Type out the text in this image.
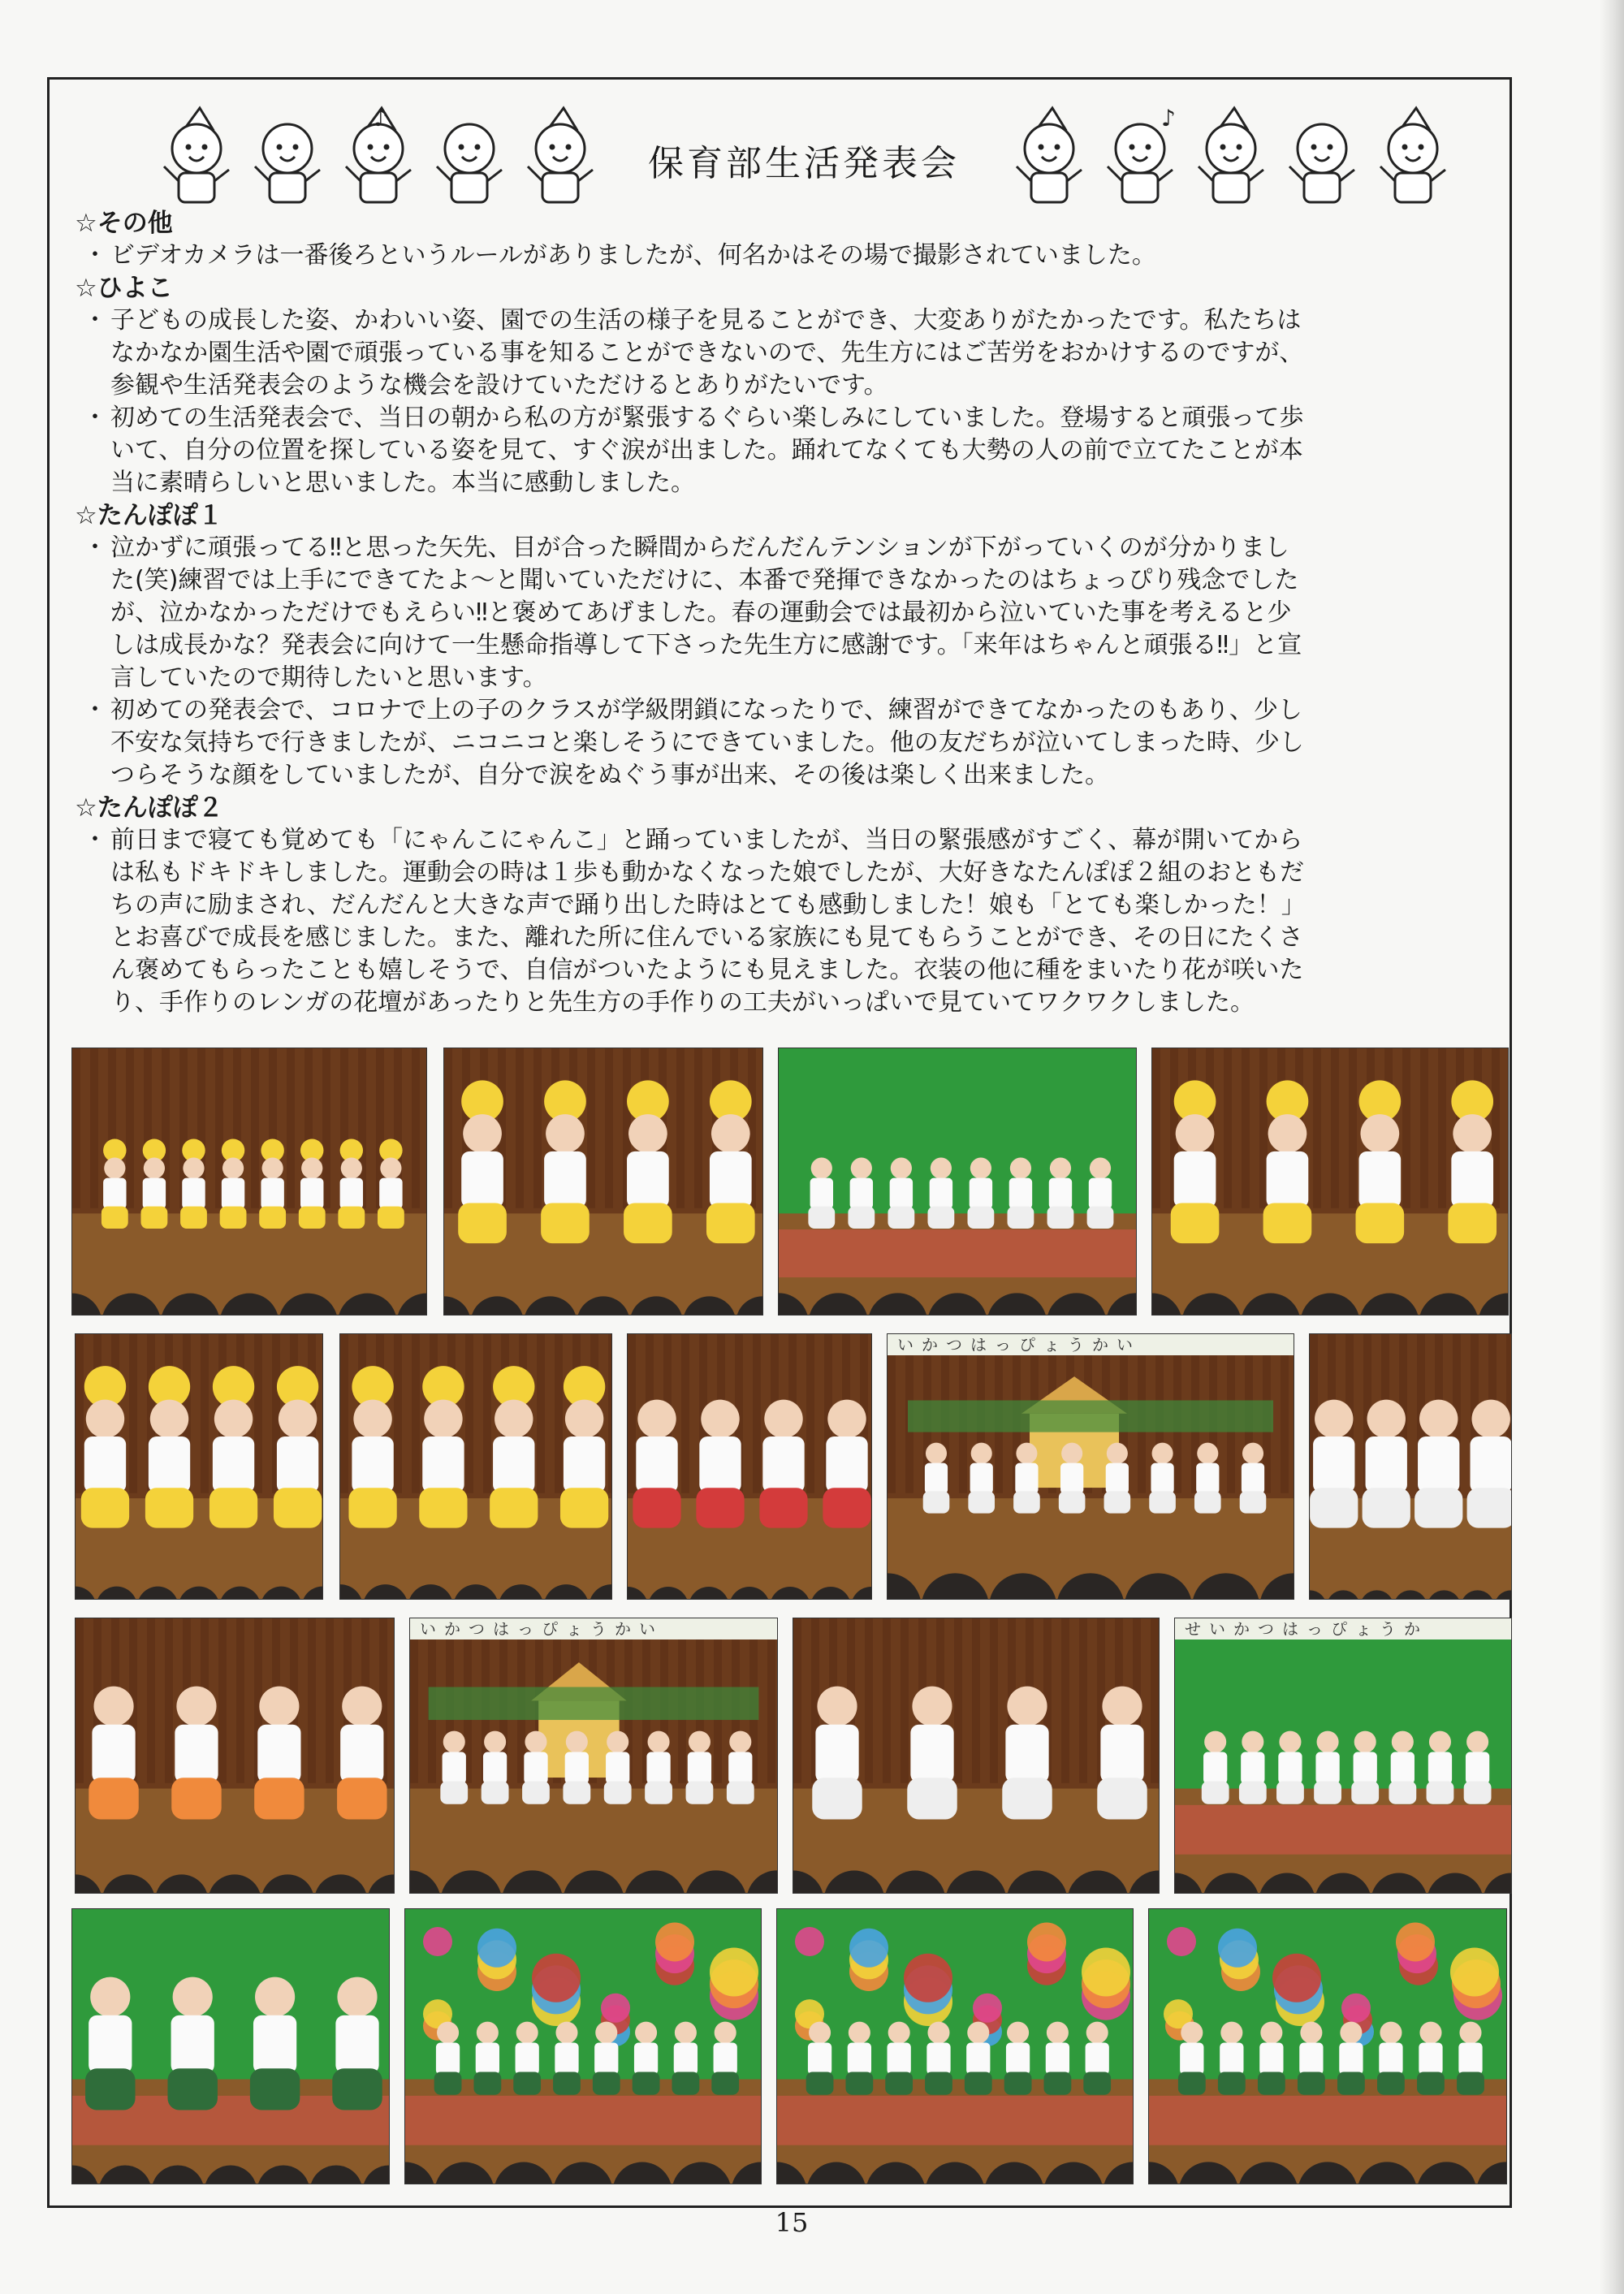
♪
保育部生活発表会
♪

☆その他

・ ビデオカメラは一番後ろというルールがありましたが、何名かはその場で撮影されていました。

☆ひよこ

・ 子どもの成長した姿、かわいい姿、園での生活の様子を見ることができ、大変ありがたかったです。私たちは
なかなか園生活や園で頑張っている事を知ることができないので、先生方にはご苦労をおかけするのですが、
参観や生活発表会のような機会を設けていただけるとありがたいです。
・ 初めての生活発表会で、当日の朝から私の方が緊張するぐらい楽しみにしていました。登場すると頑張って歩
いて、自分の位置を探している姿を見て、すぐ涙が出ました。踊れてなくても大勢の人の前で立てたことが本
当に素晴らしいと思いました。本当に感動しました。

☆たんぽぽ１

・ 泣かずに頑張ってる‼と思った矢先、目が合った瞬間からだんだんテンションが下がっていくのが分かりまし
た(笑)練習では上手にできてたよ〜と聞いていただけに、本番で発揮できなかったのはちょっぴり残念でした
が、泣かなかっただけでもえらい‼と褒めてあげました。春の運動会では最初から泣いていた事を考えると少
しは成長かな？発表会に向けて一生懸命指導して下さった先生方に感謝です。「来年はちゃんと頑張る‼」と宣
言していたので期待したいと思います。
・ 初めての発表会で、コロナで上の子のクラスが学級閉鎖になったりで、練習ができてなかったのもあり、少し
不安な気持ちで行きましたが、ニコニコと楽しそうにできていました。他の友だちが泣いてしまった時、少し
つらそうな顔をしていましたが、自分で涙をぬぐう事が出来、その後は楽しく出来ました。

☆たんぽぽ２

・ 前日まで寝ても覚めても「にゃんこにゃんこ」と踊っていましたが、当日の緊張感がすごく、幕が開いてから
は私もドキドキしました。運動会の時は１歩も動かなくなった娘でしたが、大好きなたんぽぽ２組のおともだ
ちの声に励まされ、だんだんと大きな声で踊り出した時はとても感動しました！娘も「とても楽しかった！」
とお喜びで成長を感じました。また、離れた所に住んでいる家族にも見てもらうことができ、その日にたくさ
ん褒めてもらったことも嬉しそうで、自信がついたようにも見えました。衣装の他に種をまいたり花が咲いた
り、手作りのレンガの花壇があったりと先生方の手作りの工夫がいっぱいで見ていてワクワクしました。
いかつはっぴょうかい
いかつはっぴょうかい	せいかつはっぴょうか
15
